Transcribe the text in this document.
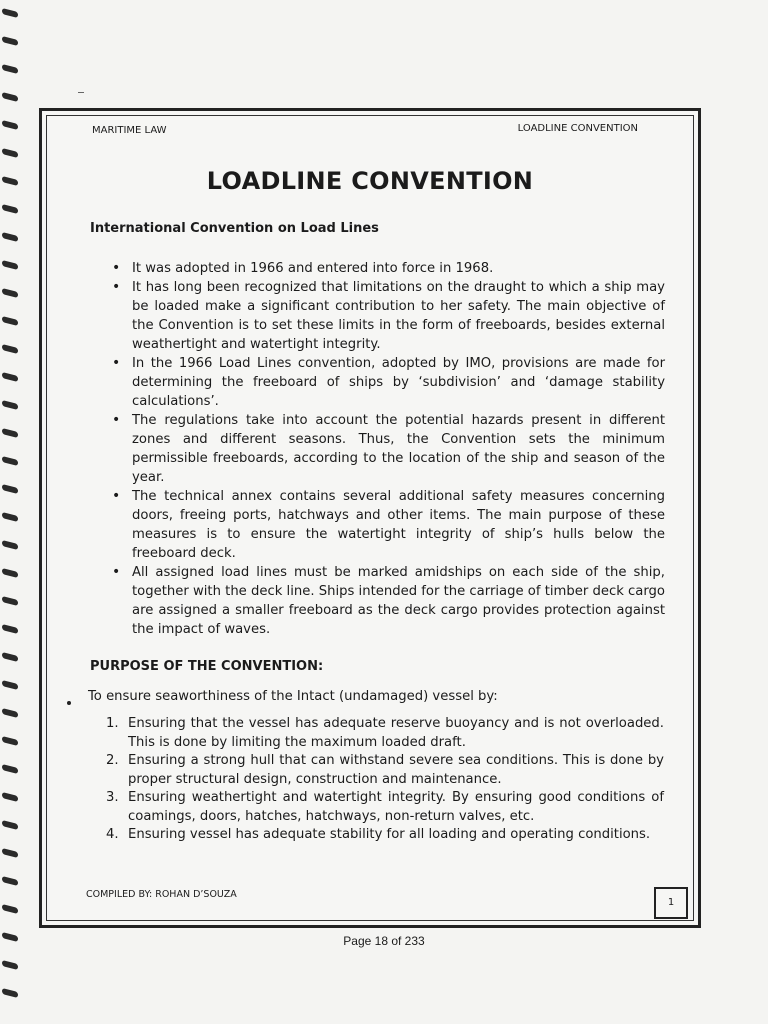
MARITIME LAW	LOADLINE CONVENTION
LOADLINE CONVENTION
International Convention on Load Lines
• It was adopted in 1966 and entered into force in 1968.
• It has long been recognized that limitations on the draught to which a ship may be loaded make a significant contribution to her safety. The main objective of the Convention is to set these limits in the form of freeboards, besides external weathertight and watertight integrity.
• In the 1966 Load Lines convention, adopted by IMO, provisions are made for determining the freeboard of ships by ‘subdivision’ and ‘damage stability calculations’.
• The regulations take into account the potential hazards present in different zones and different seasons. Thus, the Convention sets the minimum permissible freeboards, according to the location of the ship and season of the year.
• The technical annex contains several additional safety measures concerning doors, freeing ports, hatchways and other items. The main purpose of these measures is to ensure the watertight integrity of ship’s hulls below the freeboard deck.
• All assigned load lines must be marked amidships on each side of the ship, together with the deck line. Ships intended for the carriage of timber deck cargo are assigned a smaller freeboard as the deck cargo provides protection against the impact of waves.
PURPOSE OF THE CONVENTION:
To ensure seaworthiness of the Intact (undamaged) vessel by:
1. Ensuring that the vessel has adequate reserve buoyancy and is not overloaded. This is done by limiting the maximum loaded draft.
2. Ensuring a strong hull that can withstand severe sea conditions. This is done by proper structural design, construction and maintenance.
3. Ensuring weathertight and watertight integrity. By ensuring good conditions of coamings, doors, hatches, hatchways, non-return valves, etc.
4. Ensuring vessel has adequate stability for all loading and operating conditions.
COMPILED BY: ROHAN D’SOUZA
1
Page 18 of 233
